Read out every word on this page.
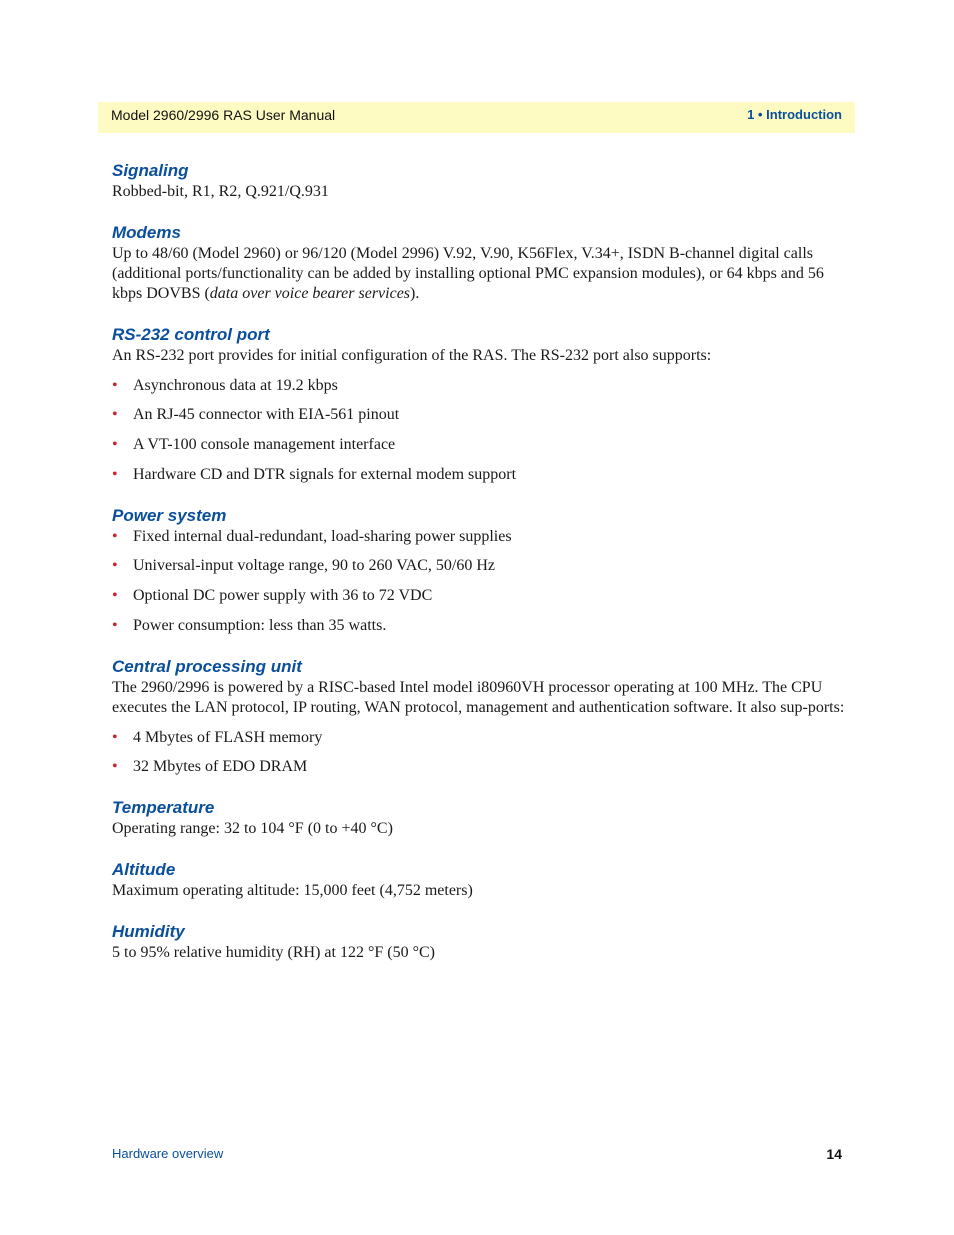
Model 2960/2996 RAS User Manual	1 • Introduction
Signaling

Robbed-bit, R1, R2, Q.921/Q.931

Modems

Up to 48/60 (Model 2960) or 96/120 (Model 2996) V.92, V.90, K56Flex, V.34+, ISDN B-channel digital calls (additional ports/functionality can be added by installing optional PMC expansion modules), or 64 kbps and 56 kbps DOVBS (data over voice bearer services).

RS-232 control port

An RS-232 port provides for initial configuration of the RAS. The RS-232 port also supports:

• Asynchronous data at 19.2 kbps
• An RJ-45 connector with EIA-561 pinout
• A VT-100 console management interface
• Hardware CD and DTR signals for external modem support
Power system
• Fixed internal dual-redundant, load-sharing power supplies
• Universal-input voltage range, 90 to 260 VAC, 50/60 Hz
• Optional DC power supply with 36 to 72 VDC
• Power consumption: less than 35 watts.
Central processing unit

The 2960/2996 is powered by a RISC-based Intel model i80960VH processor operating at 100 MHz. The CPU executes the LAN protocol, IP routing, WAN protocol, management and authentication software. It also sup-ports:

• 4 Mbytes of FLASH memory
• 32 Mbytes of EDO DRAM
Temperature

Operating range: 32 to 104 °F (0 to +40 °C)

Altitude

Maximum operating altitude: 15,000 feet (4,752 meters)

Humidity

5 to 95% relative humidity (RH) at 122 °F (50 °C)

Hardware overview	14
